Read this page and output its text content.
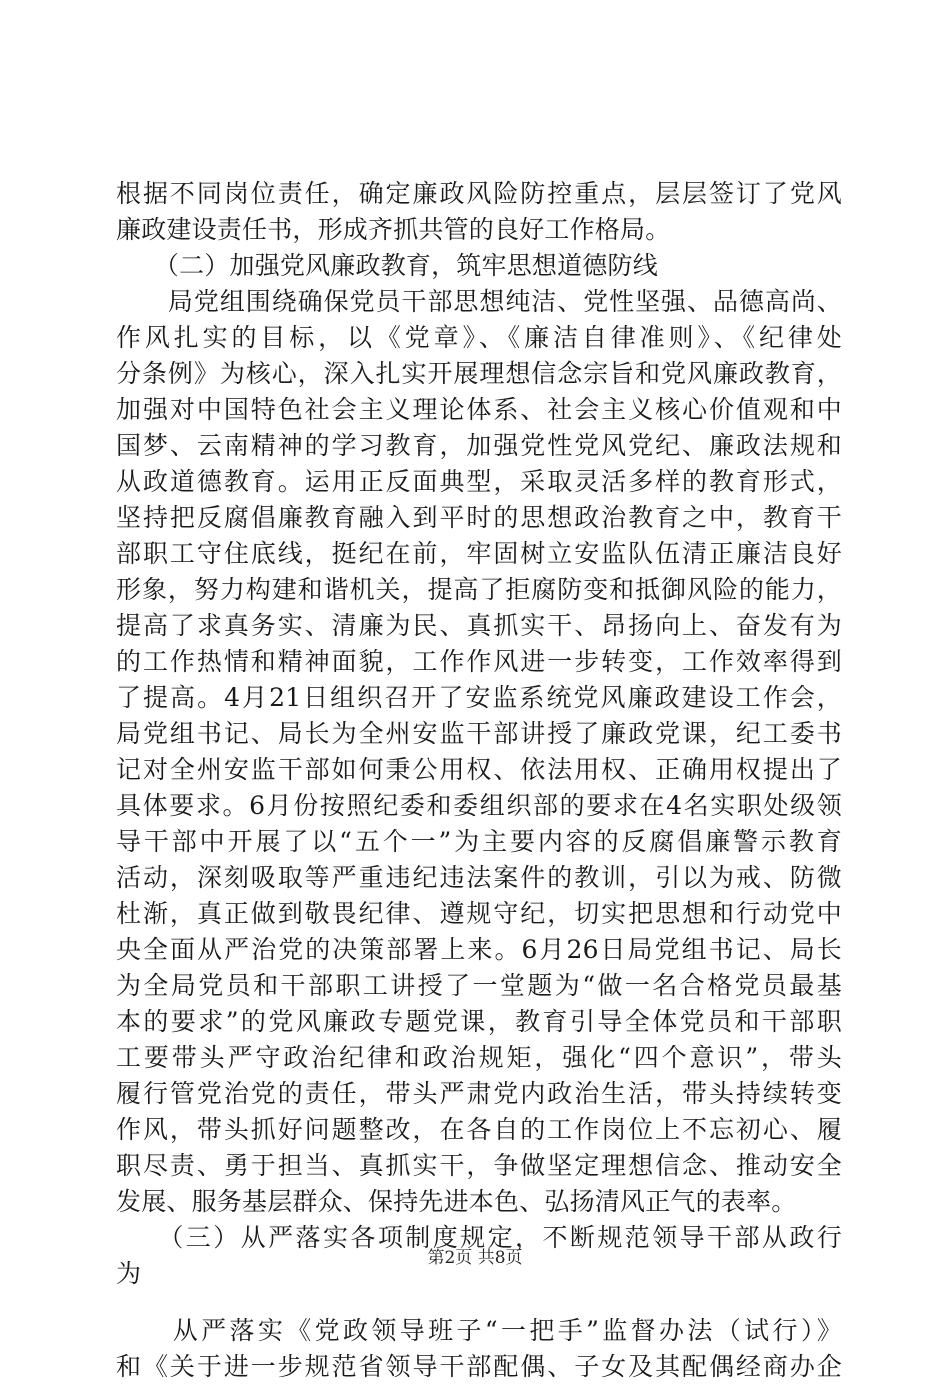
根据不同岗位责任，确定廉政风险防控重点，层层签订了党风
廉政建设责任书，形成齐抓共管的良好工作格局。
　　（二）加强党风廉政教育，筑牢思想道德防线
　　局党组围绕确保党员干部思想纯洁、党性坚强、品德高尚、
作风扎实的目标，以《党章》、《廉洁自律准则》、《纪律处
分条例》为核心，深入扎实开展理想信念宗旨和党风廉政教育，
加强对中国特色社会主义理论体系、社会主义核心价值观和中
国梦、云南精神的学习教育，加强党性党风党纪、廉政法规和
从政道德教育。运用正反面典型，采取灵活多样的教育形式，
坚持把反腐倡廉教育融入到平时的思想政治教育之中，教育干
部职工守住底线，挺纪在前，牢固树立安监队伍清正廉洁良好
形象，努力构建和谐机关，提高了拒腐防变和抵御风险的能力，
提高了求真务实、清廉为民、真抓实干、昂扬向上、奋发有为
的工作热情和精神面貌，工作作风进一步转变，工作效率得到
了提高。4月21日组织召开了安监系统党风廉政建设工作会，
局党组书记、局长为全州安监干部讲授了廉政党课，纪工委书
记对全州安监干部如何秉公用权、依法用权、正确用权提出了
具体要求。6月份按照纪委和委组织部的要求在4名实职处级领
导干部中开展了以“五个一”为主要内容的反腐倡廉警示教育
活动，深刻吸取等严重违纪违法案件的教训，引以为戒、防微
杜渐，真正做到敬畏纪律、遵规守纪，切实把思想和行动党中
央全面从严治党的决策部署上来。6月26日局党组书记、局长
为全局党员和干部职工讲授了一堂题为“做一名合格党员最基
本的要求”的党风廉政专题党课，教育引导全体党员和干部职
工要带头严守政治纪律和政治规矩，强化“四个意识”，带头
履行管党治党的责任，带头严肃党内政治生活，带头持续转变
作风，带头抓好问题整改，在各自的工作岗位上不忘初心、履
职尽责、勇于担当、真抓实干，争做坚定理想信念、推动安全
发展、服务基层群众、保持先进本色、弘扬清风正气的表率。
　　（三）从严落实各项制度规定，不断规范领导干部从政行
为
　　从严落实《党政领导班子“一把手”监督办法（试行）》
和《关于进一步规范省领导干部配偶、子女及其配偶经商办企
第2页 共8页
